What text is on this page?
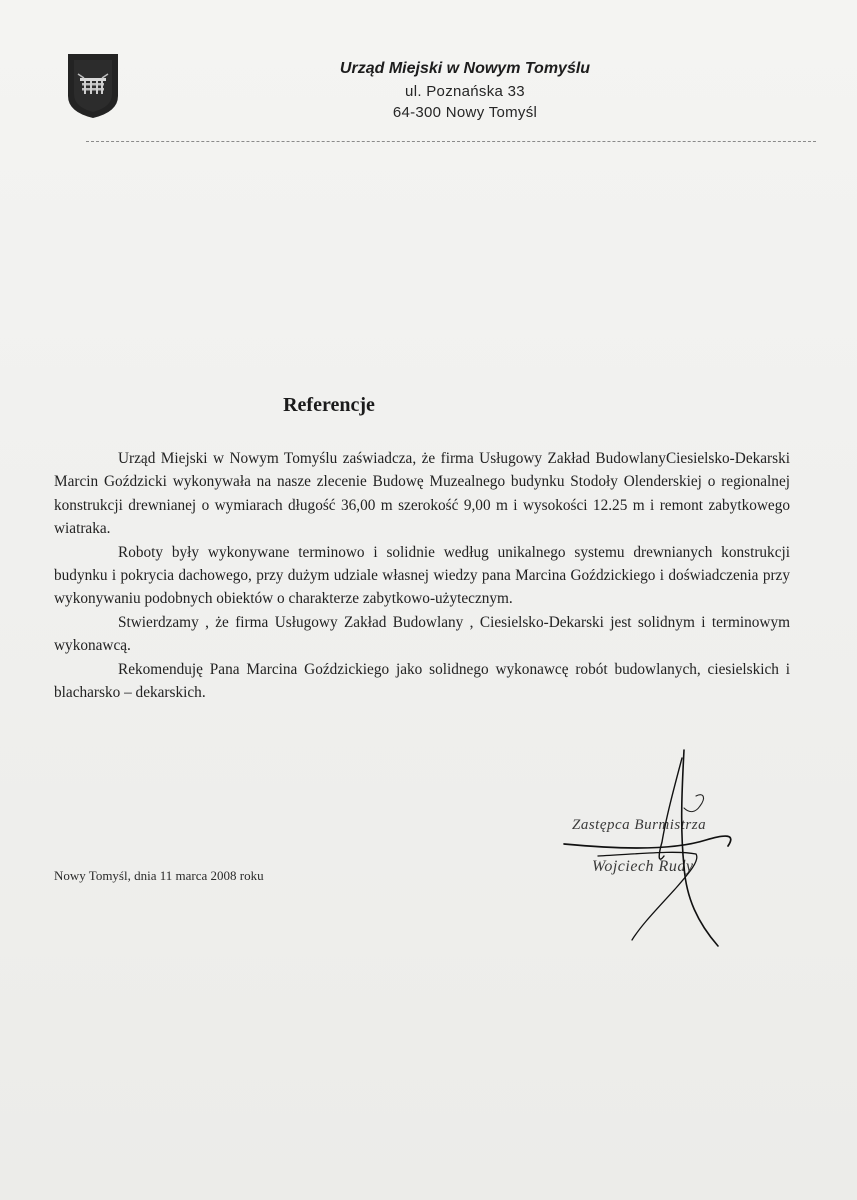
Urząd Miejski w Nowym Tomyślu
ul. Poznańska 33
64-300 Nowy Tomyśl
Referencje

Urząd Miejski w Nowym Tomyślu zaświadcza, że firma Usługowy Zakład BudowlanyCiesielsko-Dekarski Marcin Goździcki wykonywała na nasze zlecenie Budowę Muzealnego budynku Stodoły Olenderskiej o regionalnej konstrukcji drewnianej o wymiarach długość 36,00 m szerokość 9,00 m i wysokości 12.25 m i remont zabytkowego wiatraka.

Roboty były wykonywane terminowo i solidnie według unikalnego systemu drewnianych konstrukcji budynku i pokrycia dachowego, przy dużym udziale własnej wiedzy pana Marcina Goździckiego i doświadczenia przy wykonywaniu podobnych obiektów o charakterze zabytkowo-użytecznym.

Stwierdzamy , że firma Usługowy Zakład Budowlany , Ciesielsko-Dekarski jest solidnym i terminowym wykonawcą.

Rekomenduję Pana Marcina Goździckiego jako solidnego wykonawcę robót budowlanych, ciesielskich i blacharsko – dekarskich.

Nowy Tomyśl, dnia 11 marca 2008 roku
Zastępca Burmistrza
Wojciech Rudy
